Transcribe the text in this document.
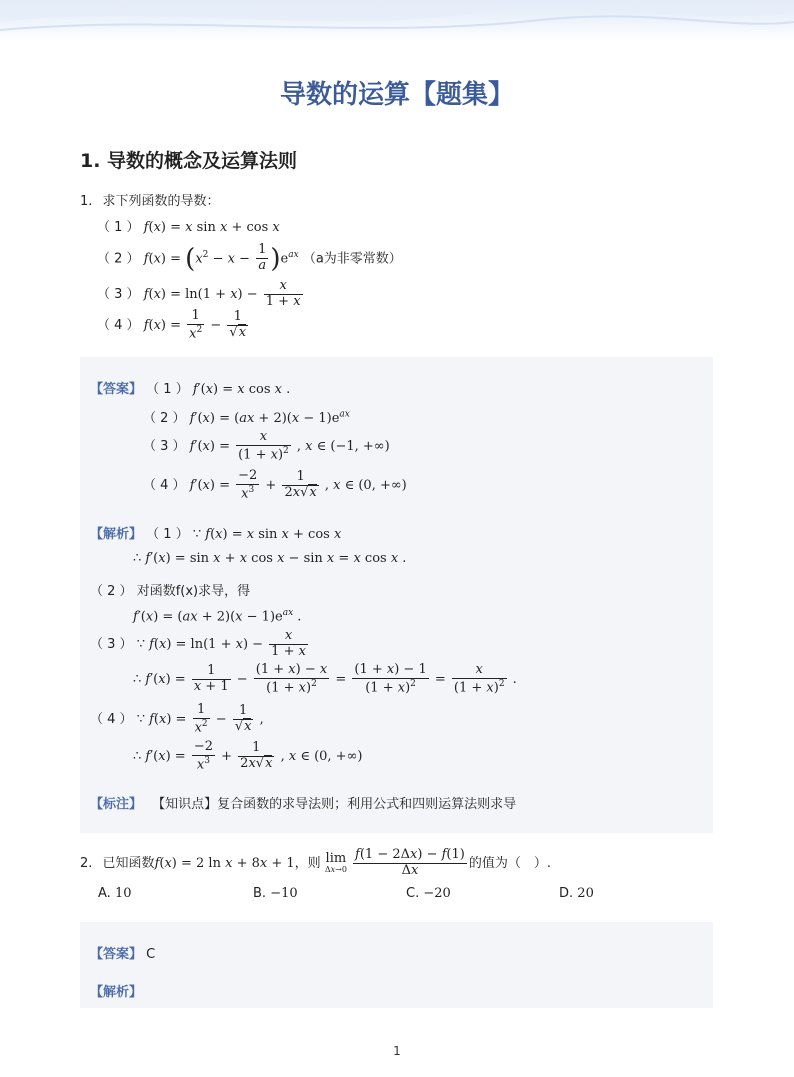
导数的运算【题集】
1. 导数的概念及运算法则
1. 求下列函数的导数：
（ 1 ） f(x) = x sin x + cos x
（ 2 ） $f(x) = (x^2 - x - \frac{1}{a} )e^{ax}$ （a为非零常数）
（ 3 ） $f(x) = \ln(1 + x) - \frac{x}{1 + x}$
（ 4 ） $f(x) = \frac{1}{x^2} - \frac{1}{√x}$
【答案】 （ 1 ） f′(x) = x cos x .
（ 2 ） $f'(x) = (ax + 2)(x - 1)e^{ax}$
（ 3 ） $f'(x) = \frac{x}{(1 + x)^2}$ , x ∈ (−1, +∞)
（ 4 ） $f'(x) = \frac{-2}{x^3} + \frac{1}{2x√x}$ , x ∈ (0, +∞)
【解析】 （ 1 ） ∵ f(x) = x sin x + cos x
∴ f′(x) = sin x + x cos x − sin x = x cos x .
（ 2 ） 对函数f(x)求导，得
$f'(x) = (ax + 2)(x - 1)e^{ax}$ .
（ 3 ） ∵ $f(x) = \ln(1 + x) - \frac{x}{1 + x}$
∴ $f'(x) = \frac{1}{x + 1} - \frac{(1 + x) - x}{(1 + x)^2} = \frac{(1 + x) - 1}{(1 + x)^2} = \frac{x}{(1 + x)^2}$ .
（ 4 ） ∵ $f(x) = \frac{1}{x^2} - \frac{1}{√x}$ ,
∴ $f'(x) = \frac{-2}{x^3} + \frac{1}{2x√x}$ , x ∈ (0, +∞)
【标注】 【知识点】复合函数的求导法则；利用公式和四则运算法则求导
2. 已知函数f(x) = 2 ln x + 8x + 1，则 lim
Δx→0
$\frac{f(1 - 2\Delta x) - f(1)}{\Delta x}$ 的值为（　）.
A. 10	B. −10	C. −20	D. 20
【答案】 C
【解析】
1
